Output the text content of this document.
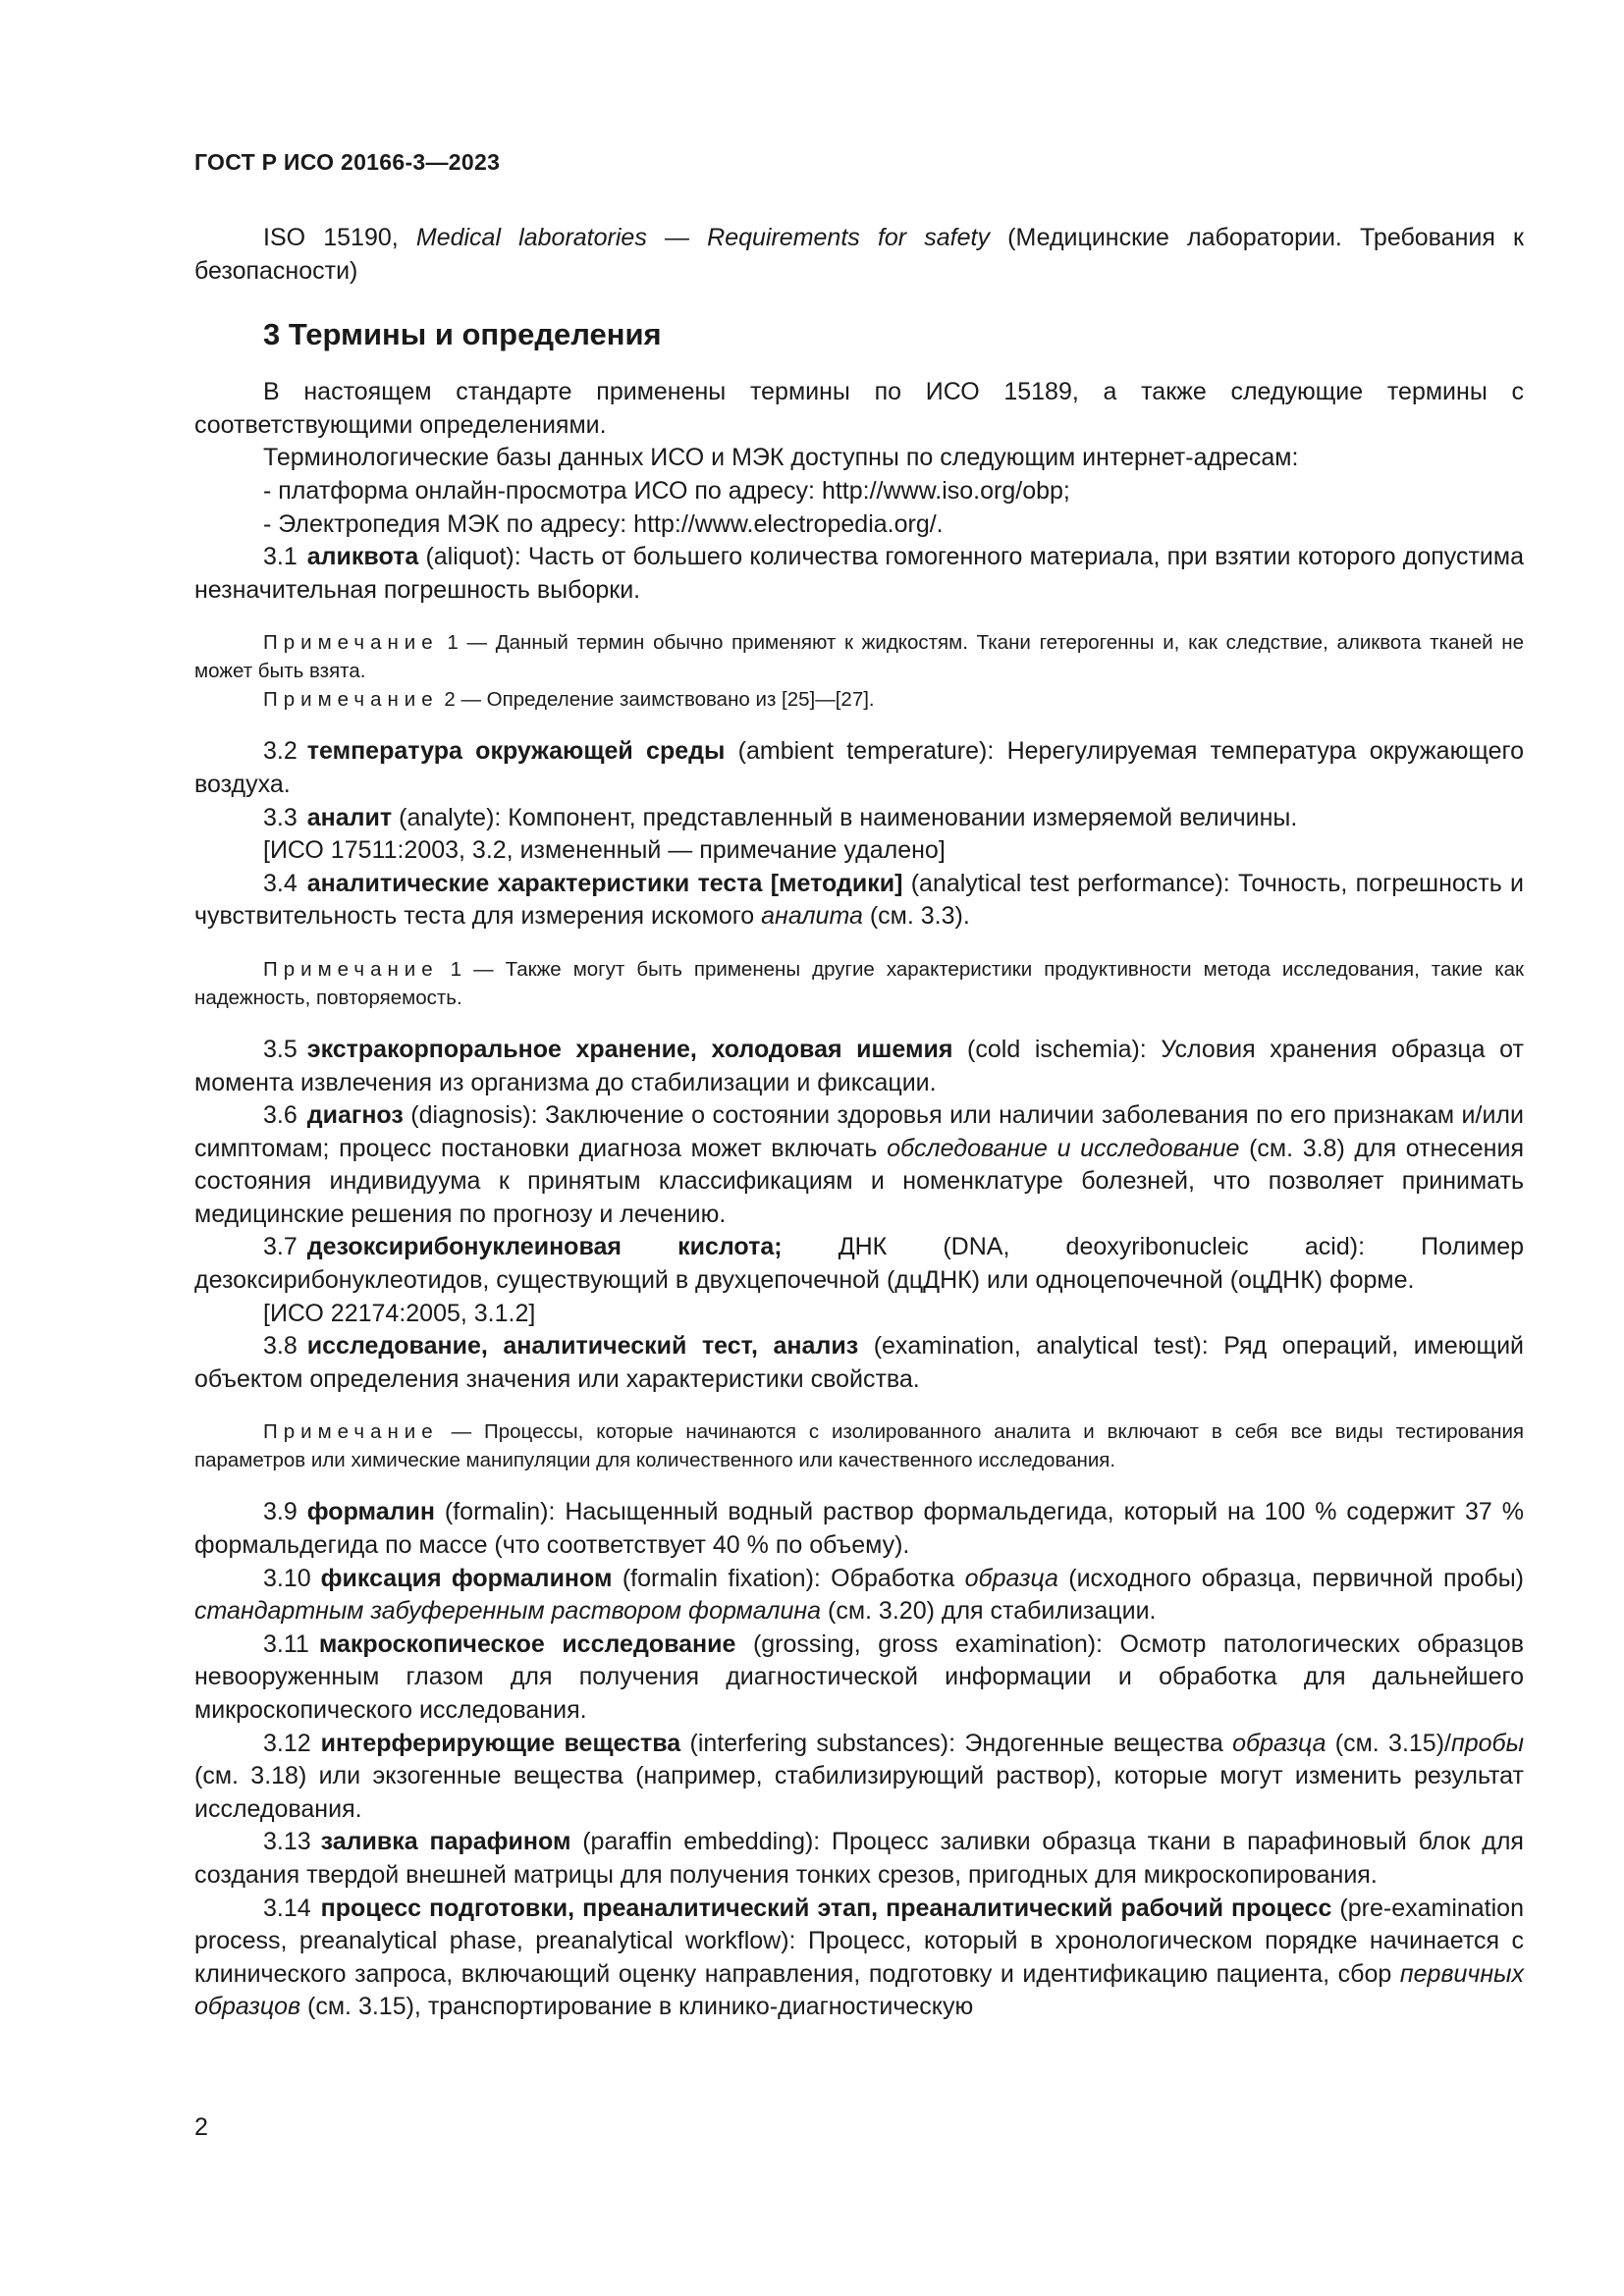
ГОСТ Р ИСО 20166-3—2023

ISO 15190, Medical laboratories — Requirements for safety (Медицинские лаборатории. Требования к безопасности)

3 Термины и определения

В настоящем стандарте применены термины по ИСО 15189, а также следующие термины с соответствующими определениями.

Терминологические базы данных ИСО и МЭК доступны по следующим интернет-адресам:

- платформа онлайн-просмотра ИСО по адресу: http://www.iso.org/obp;

- Электропедия МЭК по адресу: http://www.electropedia.org/.

3.1 аликвота (aliquot): Часть от большего количества гомогенного материала, при взятии которого допустима незначительная погрешность выборки.

Примечание 1 — Данный термин обычно применяют к жидкостям. Ткани гетерогенны и, как следствие, аликвота тканей не может быть взята.

Примечание 2 — Определение заимствовано из [25]—[27].

3.2 температура окружающей среды (ambient temperature): Нерегулируемая температура окружающего воздуха.

3.3 аналит (analyte): Компонент, представленный в наименовании измеряемой величины.

[ИСО 17511:2003, 3.2, измененный — примечание удалено]

3.4 аналитические характеристики теста [методики] (analytical test performance): Точность, погрешность и чувствительность теста для измерения искомого аналита (см. 3.3).

Примечание 1 — Также могут быть применены другие характеристики продуктивности метода исследования, такие как надежность, повторяемость.

3.5 экстракорпоральное хранение, холодовая ишемия (cold ischemia): Условия хранения образца от момента извлечения из организма до стабилизации и фиксации.

3.6 диагноз (diagnosis): Заключение о состоянии здоровья или наличии заболевания по его признакам и/или симптомам; процесс постановки диагноза может включать обследование и исследование (см. 3.8) для отнесения состояния индивидуума к принятым классификациям и номенклатуре болезней, что позволяет принимать медицинские решения по прогнозу и лечению.

3.7 дезоксирибонуклеиновая кислота; ДНК (DNA, deoxyribonucleic acid): Полимер дезоксирибонуклеотидов, существующий в двухцепочечной (дцДНК) или одноцепочечной (оцДНК) форме.

[ИСО 22174:2005, 3.1.2]

3.8 исследование, аналитический тест, анализ (examination, analytical test): Ряд операций, имеющий объектом определения значения или характеристики свойства.

Примечание — Процессы, которые начинаются с изолированного аналита и включают в себя все виды тестирования параметров или химические манипуляции для количественного или качественного исследования.

3.9 формалин (formalin): Насыщенный водный раствор формальдегида, который на 100 % содержит 37 % формальдегида по массе (что соответствует 40 % по объему).

3.10 фиксация формалином (formalin fixation): Обработка образца (исходного образца, первичной пробы) стандартным забуференным раствором формалина (см. 3.20) для стабилизации.

3.11 макроскопическое исследование (grossing, gross examination): Осмотр патологических образцов невооруженным глазом для получения диагностической информации и обработка для дальнейшего микроскопического исследования.

3.12 интерферирующие вещества (interfering substances): Эндогенные вещества образца (см. 3.15)/пробы (см. 3.18) или экзогенные вещества (например, стабилизирующий раствор), которые могут изменить результат исследования.

3.13 заливка парафином (paraffin embedding): Процесс заливки образца ткани в парафиновый блок для создания твердой внешней матрицы для получения тонких срезов, пригодных для микроскопирования.

3.14 процесс подготовки, преаналитический этап, преаналитический рабочий процесс (pre-examination process, preanalytical phase, preanalytical workflow): Процесс, который в хронологическом порядке начинается с клинического запроса, включающий оценку направления, подготовку и идентификацию пациента, сбор первичных образцов (см. 3.15), транспортирование в клинико-диагностическую

2
